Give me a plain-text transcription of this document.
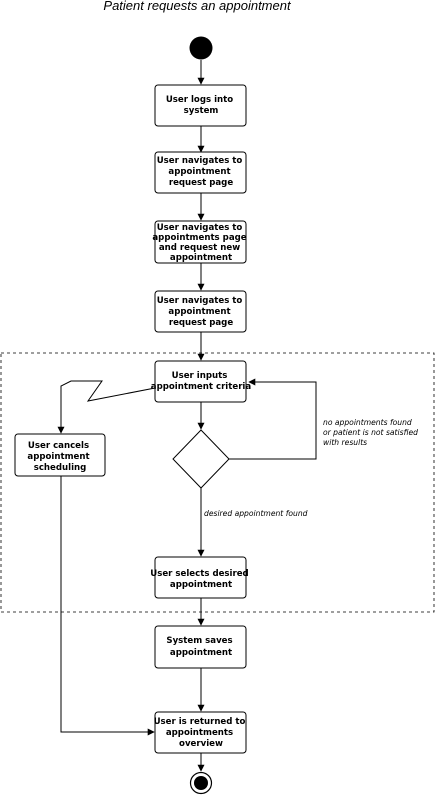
Patient requests an appointment
User logs into system
User navigates to appointment request page
User navigates to appointments page and request new appointment
User navigates to appointment request page
User inputs appointment criteria
User cancels appointment scheduling
User selects desired appointment
System saves appointment
User is returned to appointments overview
no appointments found or patient is not satisfied with results
desired appointment found
